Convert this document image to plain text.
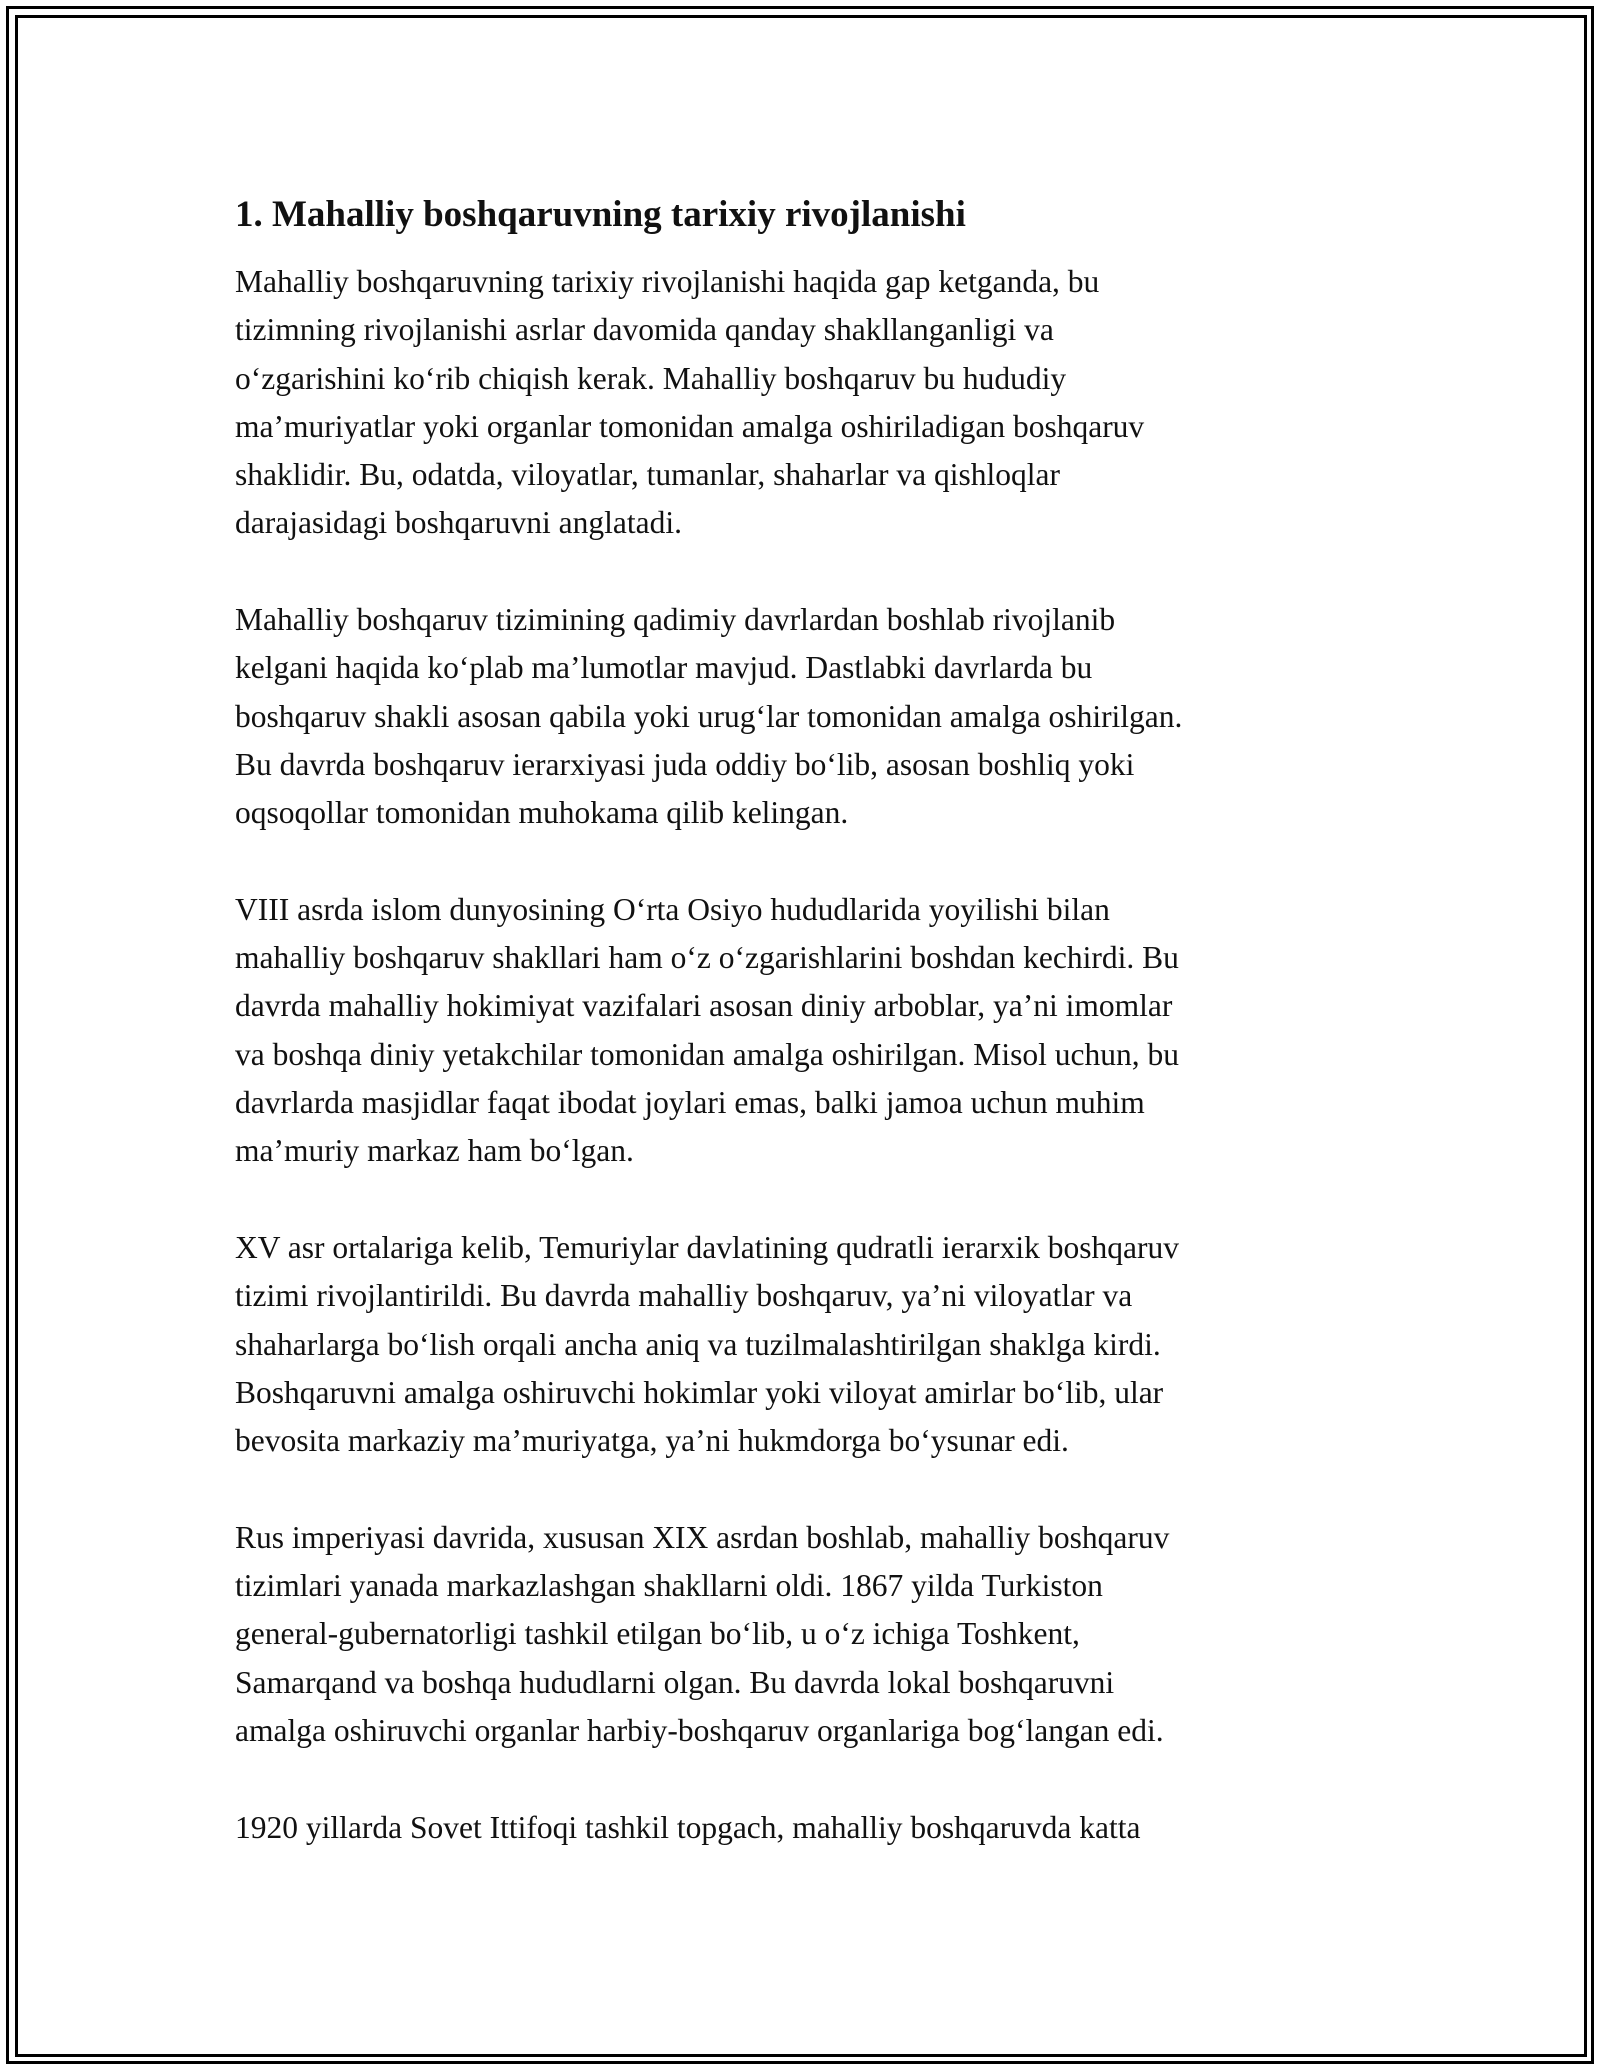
1. Mahalliy boshqaruvning tarixiy rivojlanishi

Mahalliy boshqaruvning tarixiy rivojlanishi haqida gap ketganda, bu
tizimning rivojlanishi asrlar davomida qanday shakllanganligi va
o‘zgarishini ko‘rib chiqish kerak. Mahalliy boshqaruv bu hududiy
ma’muriyatlar yoki organlar tomonidan amalga oshiriladigan boshqaruv
shaklidir. Bu, odatda, viloyatlar, tumanlar, shaharlar va qishloqlar
darajasidagi boshqaruvni anglatadi.

Mahalliy boshqaruv tizimining qadimiy davrlardan boshlab rivojlanib
kelgani haqida ko‘plab ma’lumotlar mavjud. Dastlabki davrlarda bu
boshqaruv shakli asosan qabila yoki urug‘lar tomonidan amalga oshirilgan.
Bu davrda boshqaruv ierarxiyasi juda oddiy bo‘lib, asosan boshliq yoki
oqsoqollar tomonidan muhokama qilib kelingan.

VIII asrda islom dunyosining O‘rta Osiyo hududlarida yoyilishi bilan
mahalliy boshqaruv shakllari ham o‘z o‘zgarishlarini boshdan kechirdi. Bu
davrda mahalliy hokimiyat vazifalari asosan diniy arboblar, ya’ni imomlar
va boshqa diniy yetakchilar tomonidan amalga oshirilgan. Misol uchun, bu
davrlarda masjidlar faqat ibodat joylari emas, balki jamoa uchun muhim
ma’muriy markaz ham bo‘lgan.

XV asr ortalariga kelib, Temuriylar davlatining qudratli ierarxik boshqaruv
tizimi rivojlantirildi. Bu davrda mahalliy boshqaruv, ya’ni viloyatlar va
shaharlarga bo‘lish orqali ancha aniq va tuzilmalashtirilgan shaklga kirdi.
Boshqaruvni amalga oshiruvchi hokimlar yoki viloyat amirlar bo‘lib, ular
bevosita markaziy ma’muriyatga, ya’ni hukmdorga bo‘ysunar edi.

Rus imperiyasi davrida, xususan XIX asrdan boshlab, mahalliy boshqaruv
tizimlari yanada markazlashgan shakllarni oldi. 1867 yilda Turkiston
general-gubernatorligi tashkil etilgan bo‘lib, u o‘z ichiga Toshkent,
Samarqand va boshqa hududlarni olgan. Bu davrda lokal boshqaruvni
amalga oshiruvchi organlar harbiy-boshqaruv organlariga bog‘langan edi.

1920 yillarda Sovet Ittifoqi tashkil topgach, mahalliy boshqaruvda katta
